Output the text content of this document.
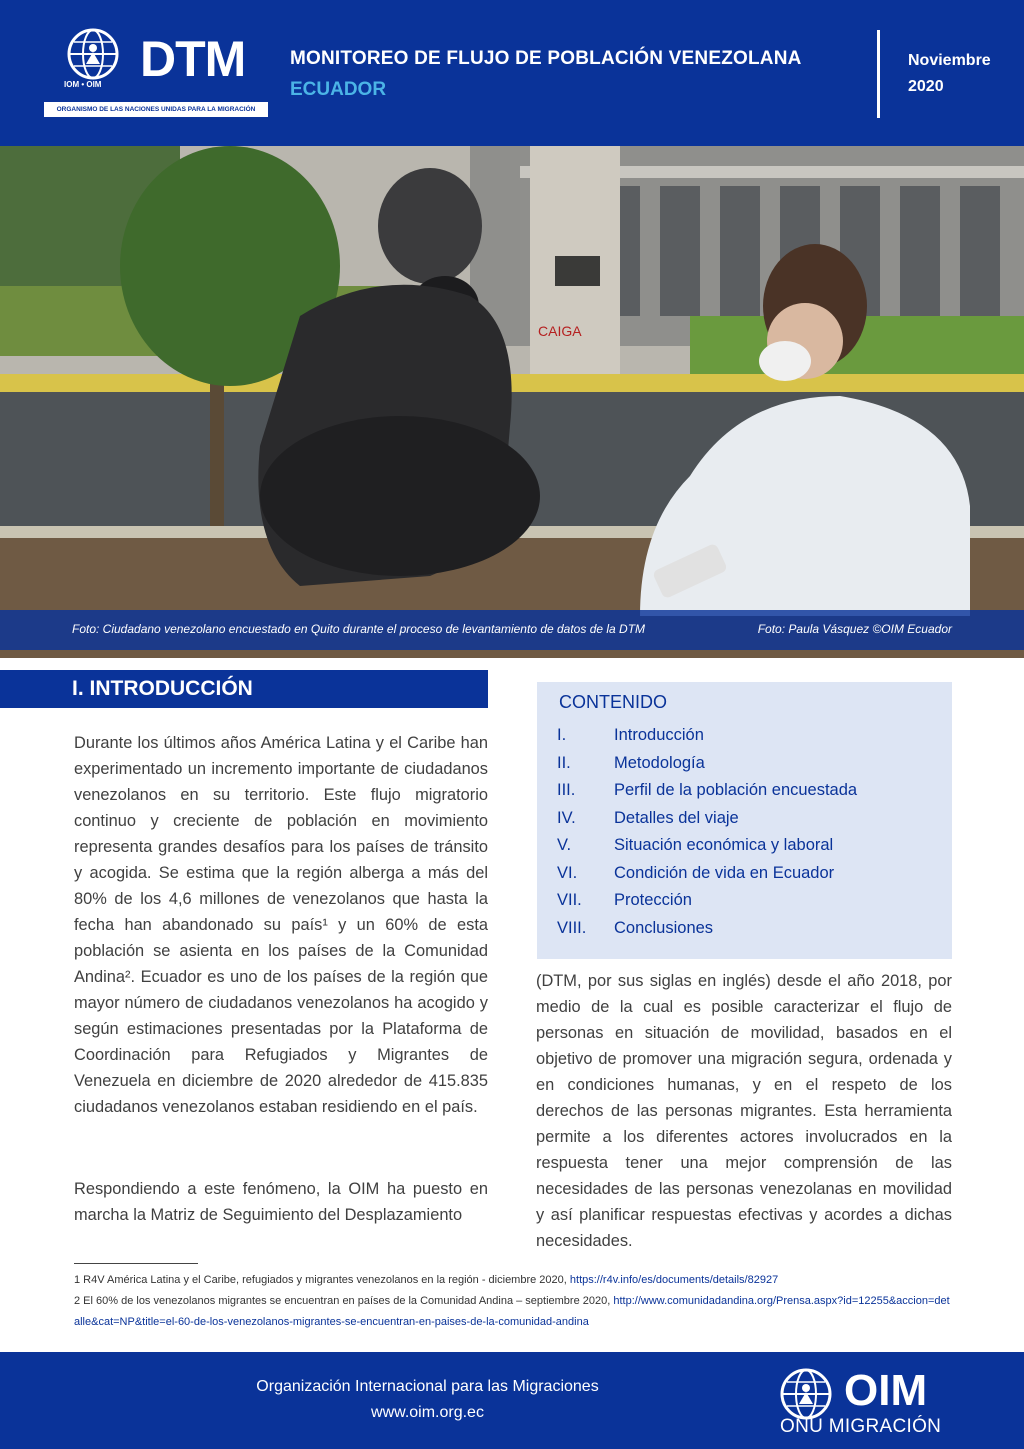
IOM • OIM DTM
ORGANISMO DE LAS NACIONES UNIDAS PARA LA MIGRACIÓN
MONITOREO DE FLUJO DE POBLACIÓN VENEZOLANA
ECUADOR
Noviembre
2020
CAIGA
Foto: Ciudadano venezolano encuestado en Quito durante el proceso de levantamiento de datos de la DTM	Foto: Paula Vásquez ©OIM Ecuador
I. INTRODUCCIÓN

Durante los últimos años América Latina y el Caribe han experimentado un incremento importante de ciudadanos venezolanos en su territorio. Este flujo migratorio continuo y creciente de población en movimiento representa grandes desafíos para los países de tránsito y acogida. Se estima que la región alberga a más del 80% de los 4,6 millones de venezolanos que hasta la fecha han abandonado su país¹ y un 60% de esta población se asienta en los países de la Comunidad Andina². Ecuador es uno de los países de la región que mayor número de ciudadanos venezolanos ha acogido y según estimaciones presentadas por la Plataforma de Coordinación para Refugiados y Migrantes de Venezuela en diciembre de 2020 alrededor de 415.835 ciudadanos venezolanos estaban residiendo en el país.

Respondiendo a este fenómeno, la OIM ha puesto en marcha la Matriz de Seguimiento del Desplazamiento

(DTM, por sus siglas en inglés) desde el año 2018, por medio de la cual es posible caracterizar el flujo de personas en situación de movilidad, basados en el objetivo de promover una migración segura, ordenada y en condiciones humanas, y en el respeto de los derechos de las personas migrantes. Esta herramienta permite a los diferentes actores involucrados en la respuesta tener una mejor comprensión de las necesidades de las personas venezolanas en movilidad y así planificar respuestas efectivas y acordes a dichas necesidades.

CONTENIDO
I.	Introducción
II.	Metodología
III.	Perfil de la población encuestada
IV.	Detalles del viaje
V.	Situación económica y laboral
VI.	Condición de vida en Ecuador
VII.	Protección
VIII.	Conclusiones
1 R4V América Latina y el Caribe, refugiados y migrantes venezolanos en la región - diciembre 2020, https://r4v.info/es/documents/details/82927
2 El 60% de los venezolanos migrantes se encuentran en países de la Comunidad Andina – septiembre 2020, http://www.comunidadandina.org/Prensa.aspx?id=12255&accion=detalle&cat=NP&title=el-60-de-los-venezolanos-migrantes-se-encuentran-en-paises-de-la-comunidad-andina
Organización Internacional para las Migraciones
www.oim.org.ec	OIM
ONU MIGRACIÓN
